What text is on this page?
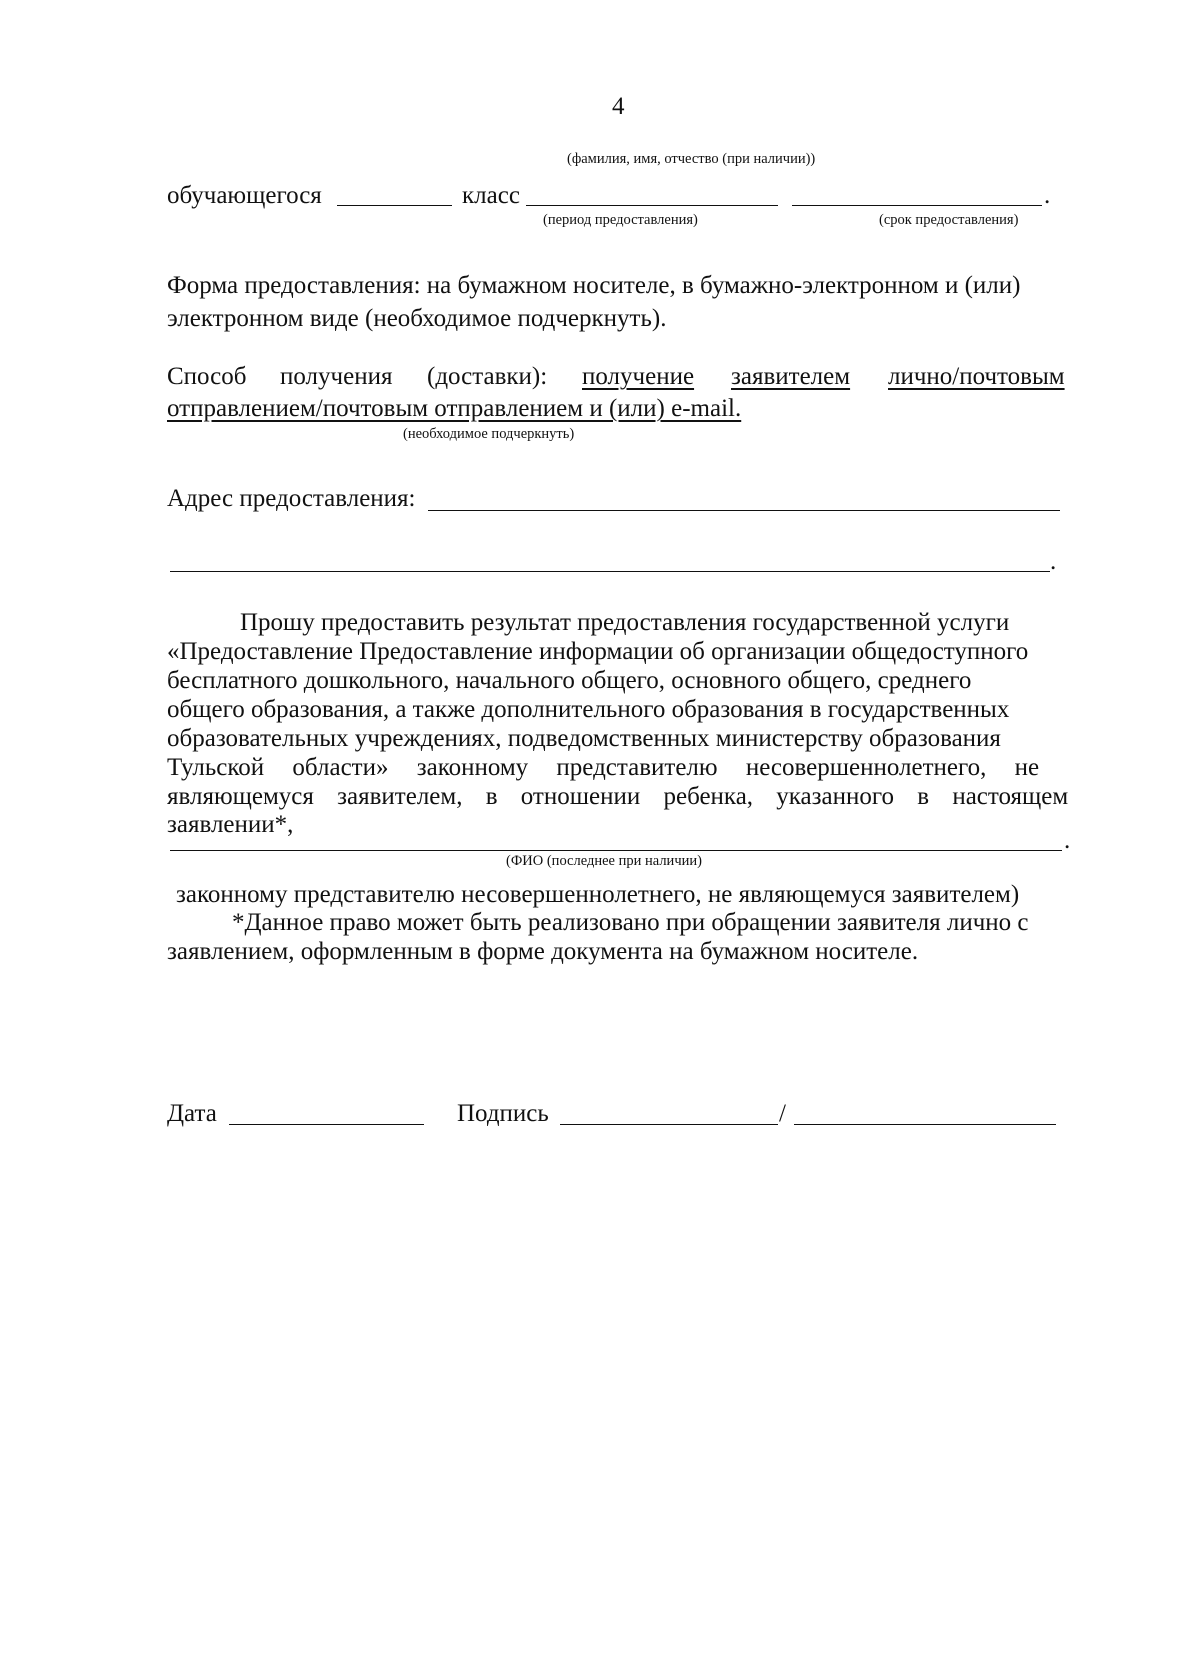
4
(фамилия, имя, отчество (при наличии))
обучающегося	класс	.
(период предоставления)	(срок предоставления)
Форма предоставления: на бумажном носителе, в бумажно-электронном и (или)
электронном виде (необходимое подчеркнуть).
Способ получения (доставки): получение заявителем лично/почтовым
отправлением/почтовым отправлением и (или) e-mail.
(необходимое подчеркнуть)
Адрес предоставления:
.
Прошу предоставить результат предоставления государственной услуги
«Предоставление Предоставление информации об организации общедоступного
бесплатного дошкольного, начального общего, основного общего, среднего
общего образования, а также дополнительного образования в государственных
образовательных учреждениях, подведомственных министерству образования
Тульской области» законному представителю несовершеннолетнего, не
являющемуся заявителем, в отношении ребенка, указанного в настоящем
заявлении*,
.
(ФИО (последнее при наличии)
законному представителю несовершеннолетнего, не являющемуся заявителем)
*Данное право может быть реализовано при обращении заявителя лично с
заявлением, оформленным в форме документа на бумажном носителе.
Дата	Подпись	/
